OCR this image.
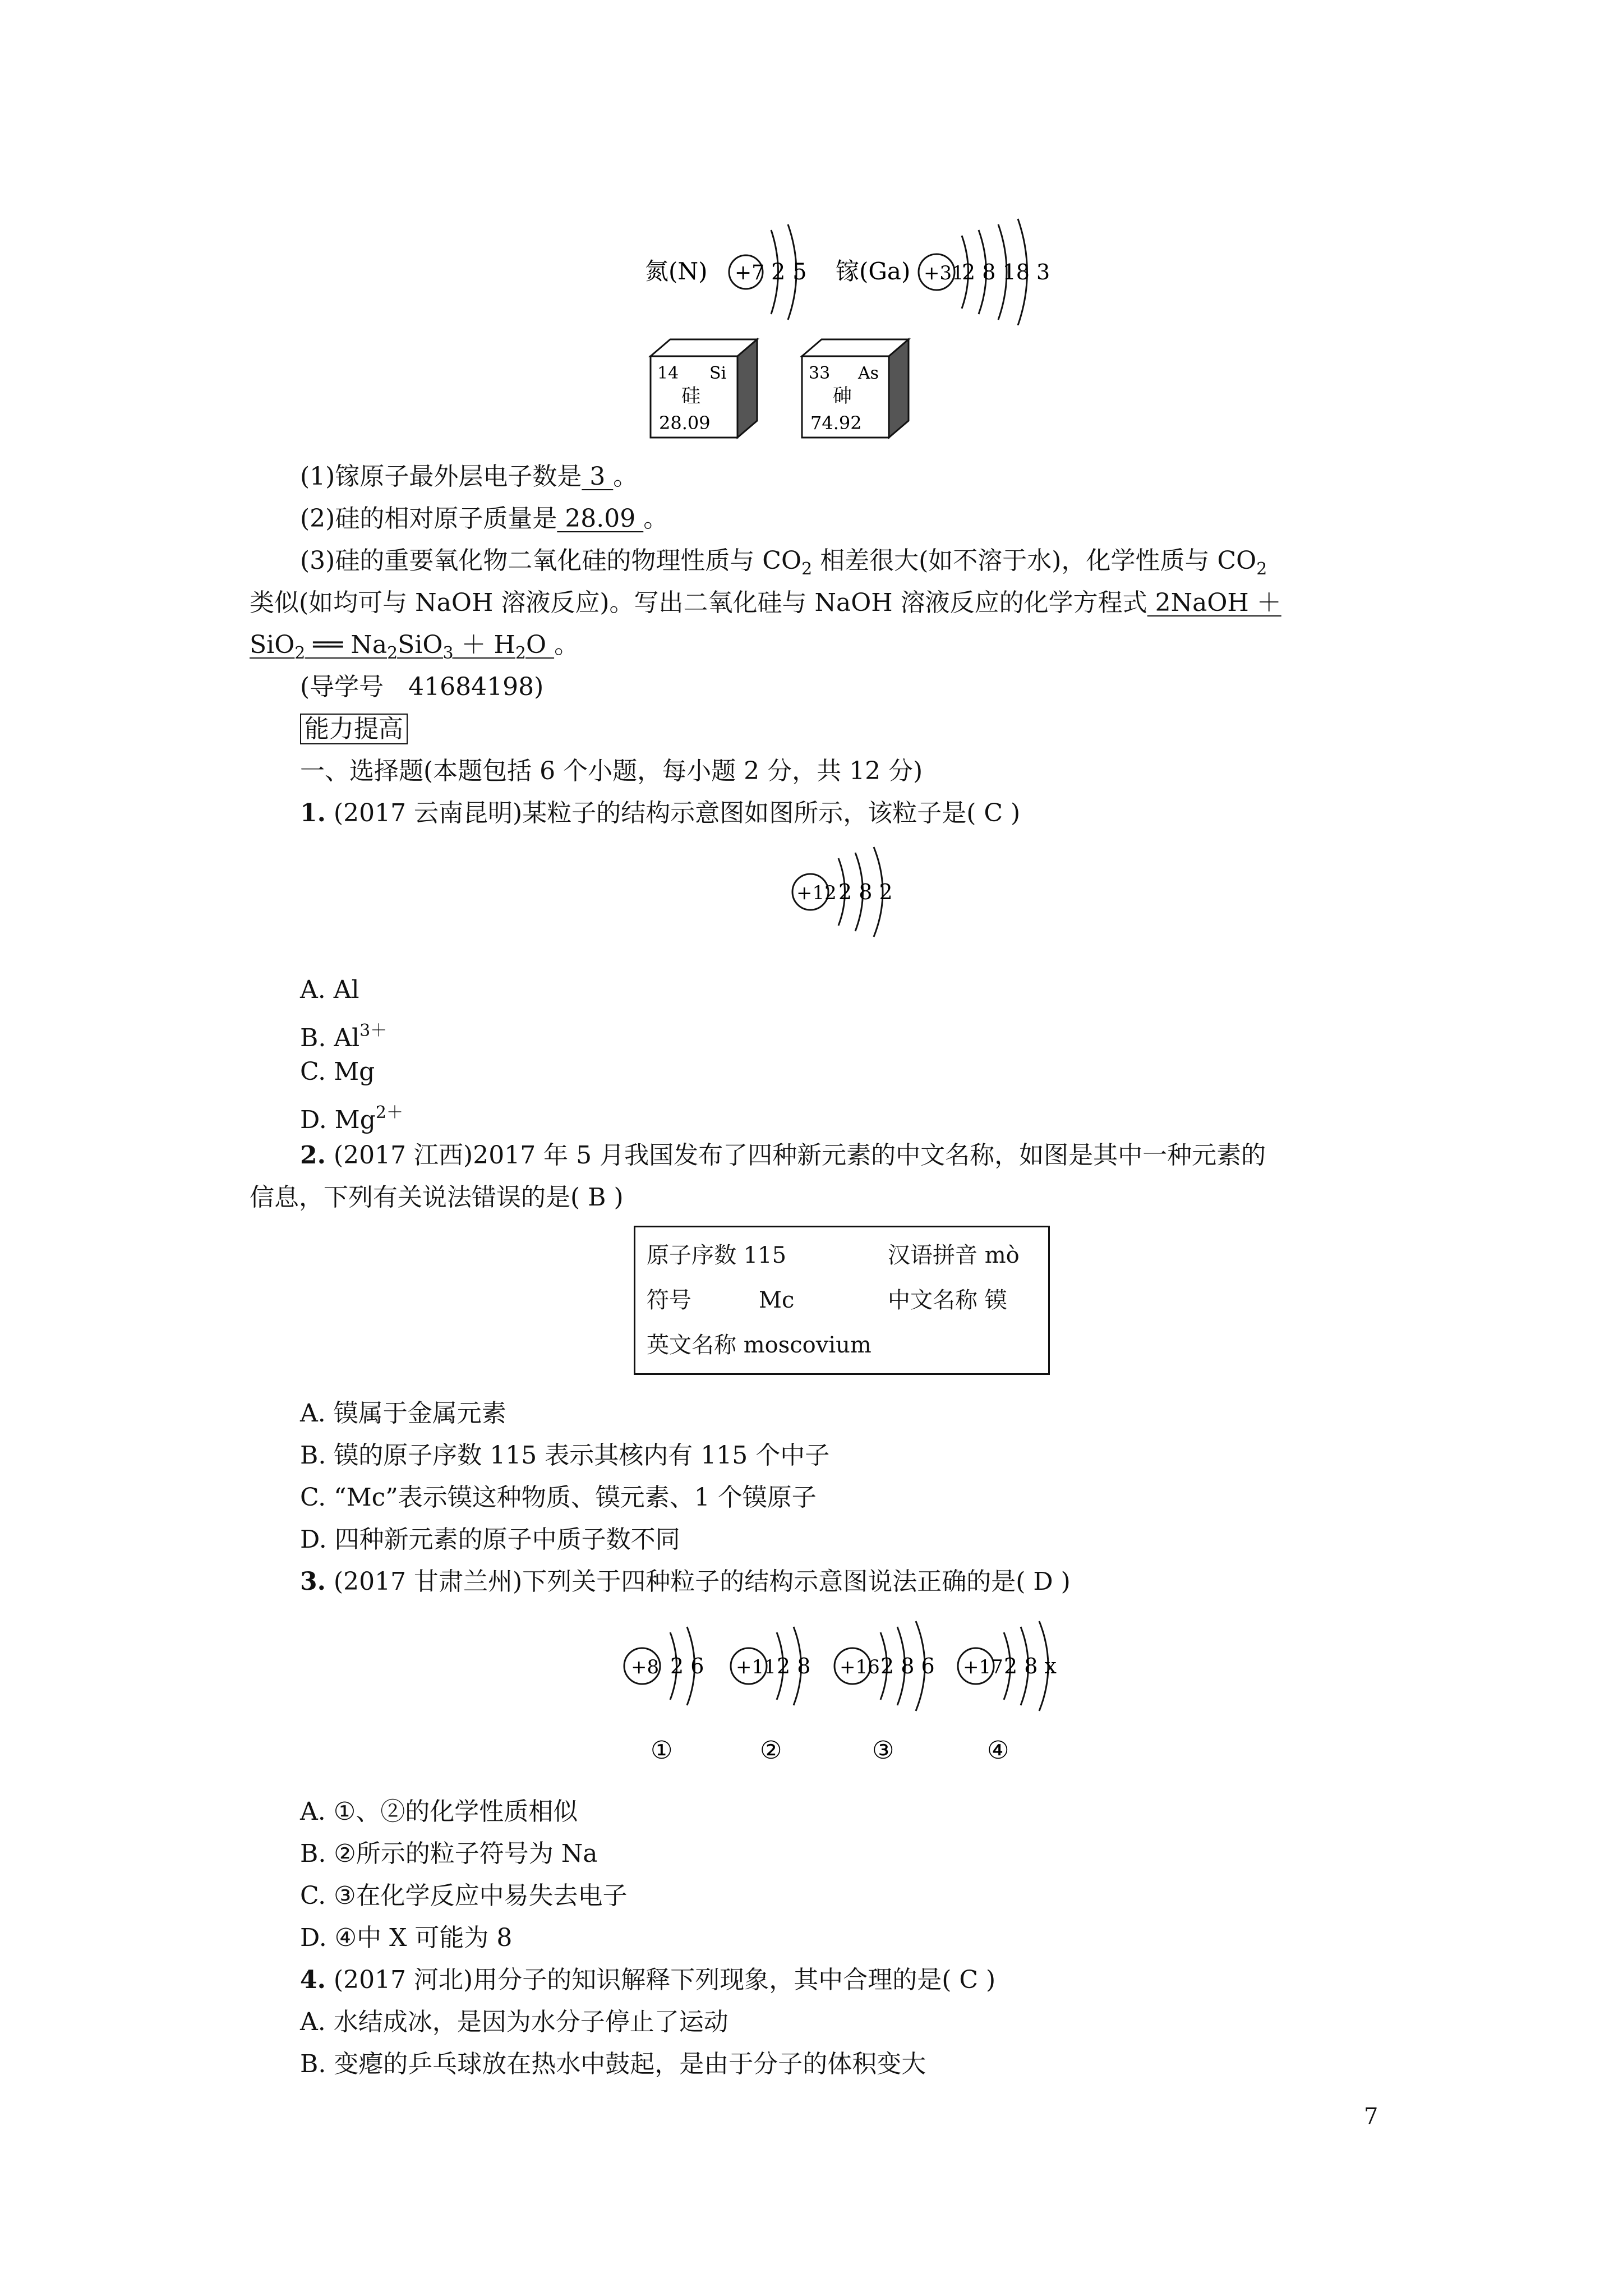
氮(N) +7 2 5 镓(Ga) +31
2 8 18 3
14 Si
硅
28.09
33 As
砷
74.92
(1)镓原子最外层电子数是 3 。
(2)硅的相对原子质量是 28.09 。
(3)硅的重要氧化物二氧化硅的物理性质与 $CO_2$ 相差很大(如不溶于水)，化学性质与 $CO_2$
类似(如均可与 NaOH 溶液反应)。写出二氧化硅与 NaOH 溶液反应的化学方程式 2NaOH ＋
SiO$_2$ ══ $Na_2SiO_3 + H_2O$ 。
(导学号　41684198)
能力提高
一、选择题(本题包括 6 个小题，每小题 2 分，共 12 分)
1. (2017 云南昆明)某粒子的结构示意图如图所示，该粒子是( C )
+12 2 8 2
A. Al
B. $Al^{3+}$
C. Mg
D. $Mg^{2+}$
2. (2017 江西)2017 年 5 月我国发布了四种新元素的中文名称，如图是其中一种元素的
信息，下列有关说法错误的是( B )
原子序数 115	汉语拼音 mò
符号　　　Mc	中文名称 镆
英文名称 moscovium
A. 镆属于金属元素
B. 镆的原子序数 115 表示其核内有 115 个中子
C. “Mc”表示镆这种物质、镆元素、1 个镆原子
D. 四种新元素的原子中质子数不同
3. (2017 甘肃兰州)下列关于四种粒子的结构示意图说法正确的是( D )
+8 2 6 +11 2 8 +16 2 8 6 +17 2 8 x
①	②	③	④
A. ①、②的化学性质相似
B. ②所示的粒子符号为 Na
C. ③在化学反应中易失去电子
D. ④中 X 可能为 8
4. (2017 河北)用分子的知识解释下列现象，其中合理的是( C )
A. 水结成冰，是因为水分子停止了运动
B. 变瘪的乒乓球放在热水中鼓起，是由于分子的体积变大
7
